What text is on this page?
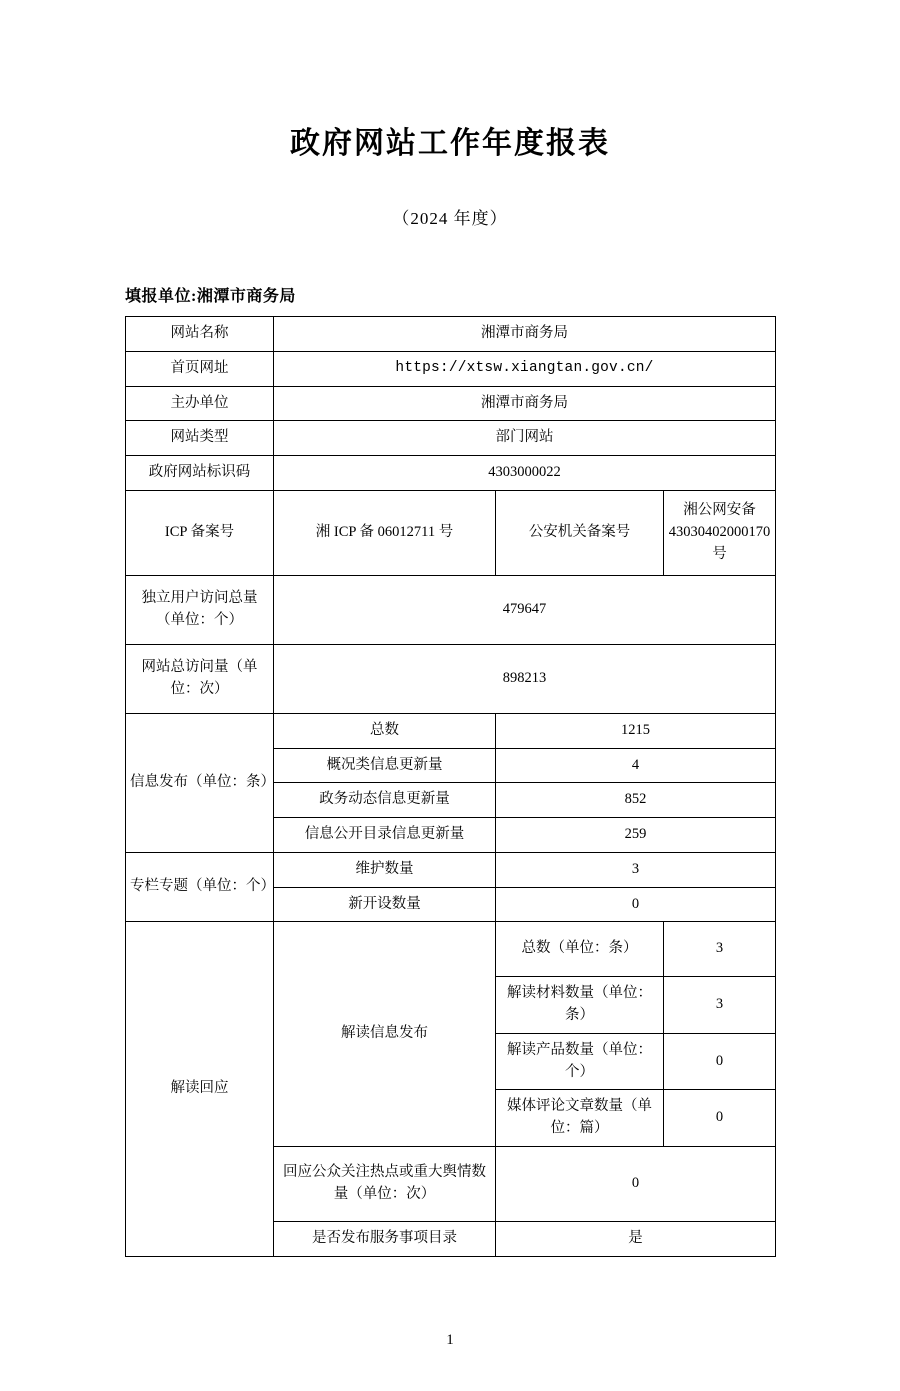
政府网站工作年度报表
（2024 年度）
填报单位:湘潭市商务局
网站名称	湘潭市商务局		
首页网址	https://xtsw.xiangtan.gov.cn/		
主办单位	湘潭市商务局		
网站类型	部门网站		
政府网站标识码	4303000022		
ICP 备案号	湘 ICP 备 06012711 号	公安机关备案号	湘公网安备 43030402000170 号
独立用户访问总量（单位：个）	479647		
网站总访问量（单位：次）	898213		
信息发布（单位：条）	总数	1215	
	概况类信息更新量	4	
	政务动态信息更新量	852	
	信息公开目录信息更新量	259	
专栏专题（单位：个）	维护数量	3	
	新开设数量	0	
解读回应	解读信息发布	总数（单位：条）	3
		解读材料数量（单位：条）	3
		解读产品数量（单位：个）	0
		媒体评论文章数量（单位：篇）	0
	回应公众关注热点或重大舆情数量（单位：次）	0	
	是否发布服务事项目录	是	
1
